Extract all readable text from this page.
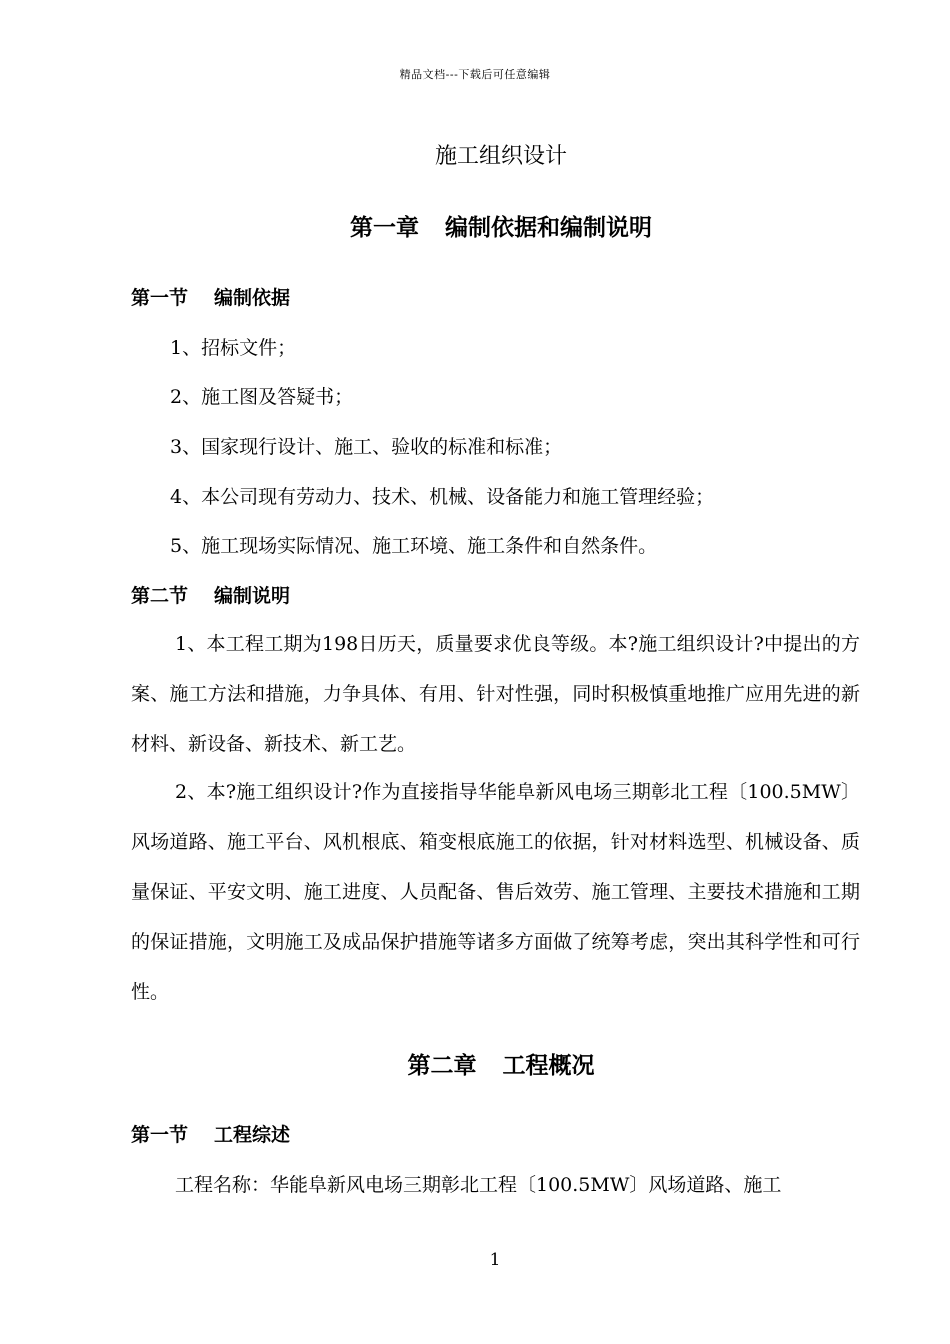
精品文档---下载后可任意编辑
施工组织设计
第一章 编制依据和编制说明
第一节 编制依据
1、招标文件；
2、施工图及答疑书；
3、国家现行设计、施工、验收的标准和标准；
4、本公司现有劳动力、技术、机械、设备能力和施工管理经验；
5、施工现场实际情况、施工环境、施工条件和自然条件。
第二节 编制说明

1、本工程工期为198日历天，质量要求优良等级。本?施工组织设计?中提出的方案、施工方法和措施，力争具体、有用、针对性强，同时积极慎重地推广应用先进的新材料、新设备、新技术、新工艺。

2、本?施工组织设计?作为直接指导华能阜新风电场三期彰北工程〔100.5MW〕风场道路、施工平台、风机根底、箱变根底施工的依据，针对材料选型、机械设备、质量保证、平安文明、施工进度、人员配备、售后效劳、施工管理、主要技术措施和工期的保证措施，文明施工及成品保护措施等诸多方面做了统筹考虑，突出其科学性和可行性。

第二章 工程概况
第一节 工程综述
工程名称：华能阜新风电场三期彰北工程〔100.5MW〕风场道路、施工
1
